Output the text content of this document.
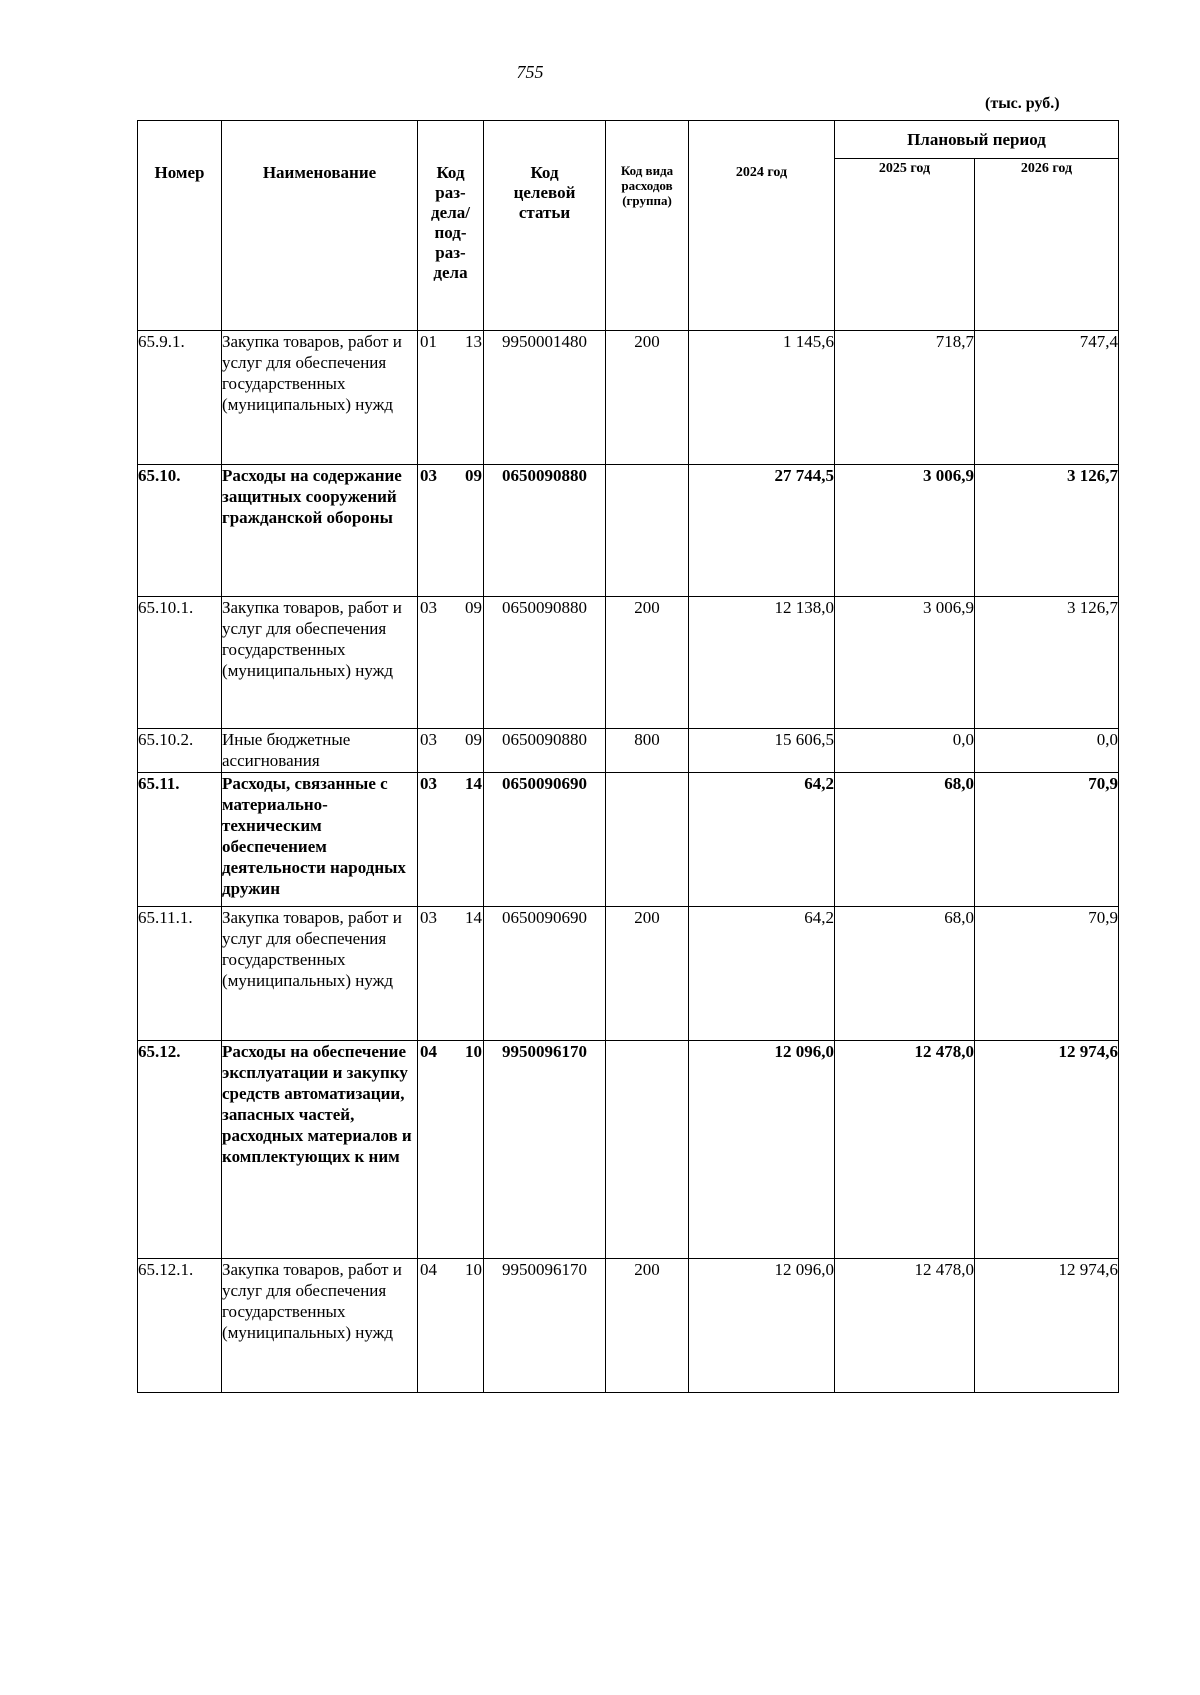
755
(тыс. руб.)
Номер	Наименование	Код раз- дела/ под- раз- дела	Код целевой статьи	Код вида расходов (группа)	2024 год	Плановый период	
						2025 год	2026 год
65.9.1.	Закупка товаров, работ и услуг для обеспечения государственных (муниципальных) нужд	01 13	9950001480	200	1 145,6	718,7	747,4
65.10.	Расходы на содержание защитных сооружений гражданской обороны	03 09	0650090880		27 744,5	3 006,9	3 126,7
65.10.1.	Закупка товаров, работ и услуг для обеспечения государственных (муниципальных) нужд	03 09	0650090880	200	12 138,0	3 006,9	3 126,7
65.10.2.	Иные бюджетные ассигнования	03 09	0650090880	800	15 606,5	0,0	0,0
65.11.	Расходы, связанные с материально-техническим обеспечением деятельности народных дружин	03 14	0650090690		64,2	68,0	70,9
65.11.1.	Закупка товаров, работ и услуг для обеспечения государственных (муниципальных) нужд	03 14	0650090690	200	64,2	68,0	70,9
65.12.	Расходы на обеспечение эксплуатации и закупку средств автоматизации, запасных частей, расходных материалов и комплектующих к ним	04 10	9950096170		12 096,0	12 478,0	12 974,6
65.12.1.	Закупка товаров, работ и услуг для обеспечения государственных (муниципальных) нужд	04 10	9950096170	200	12 096,0	12 478,0	12 974,6
